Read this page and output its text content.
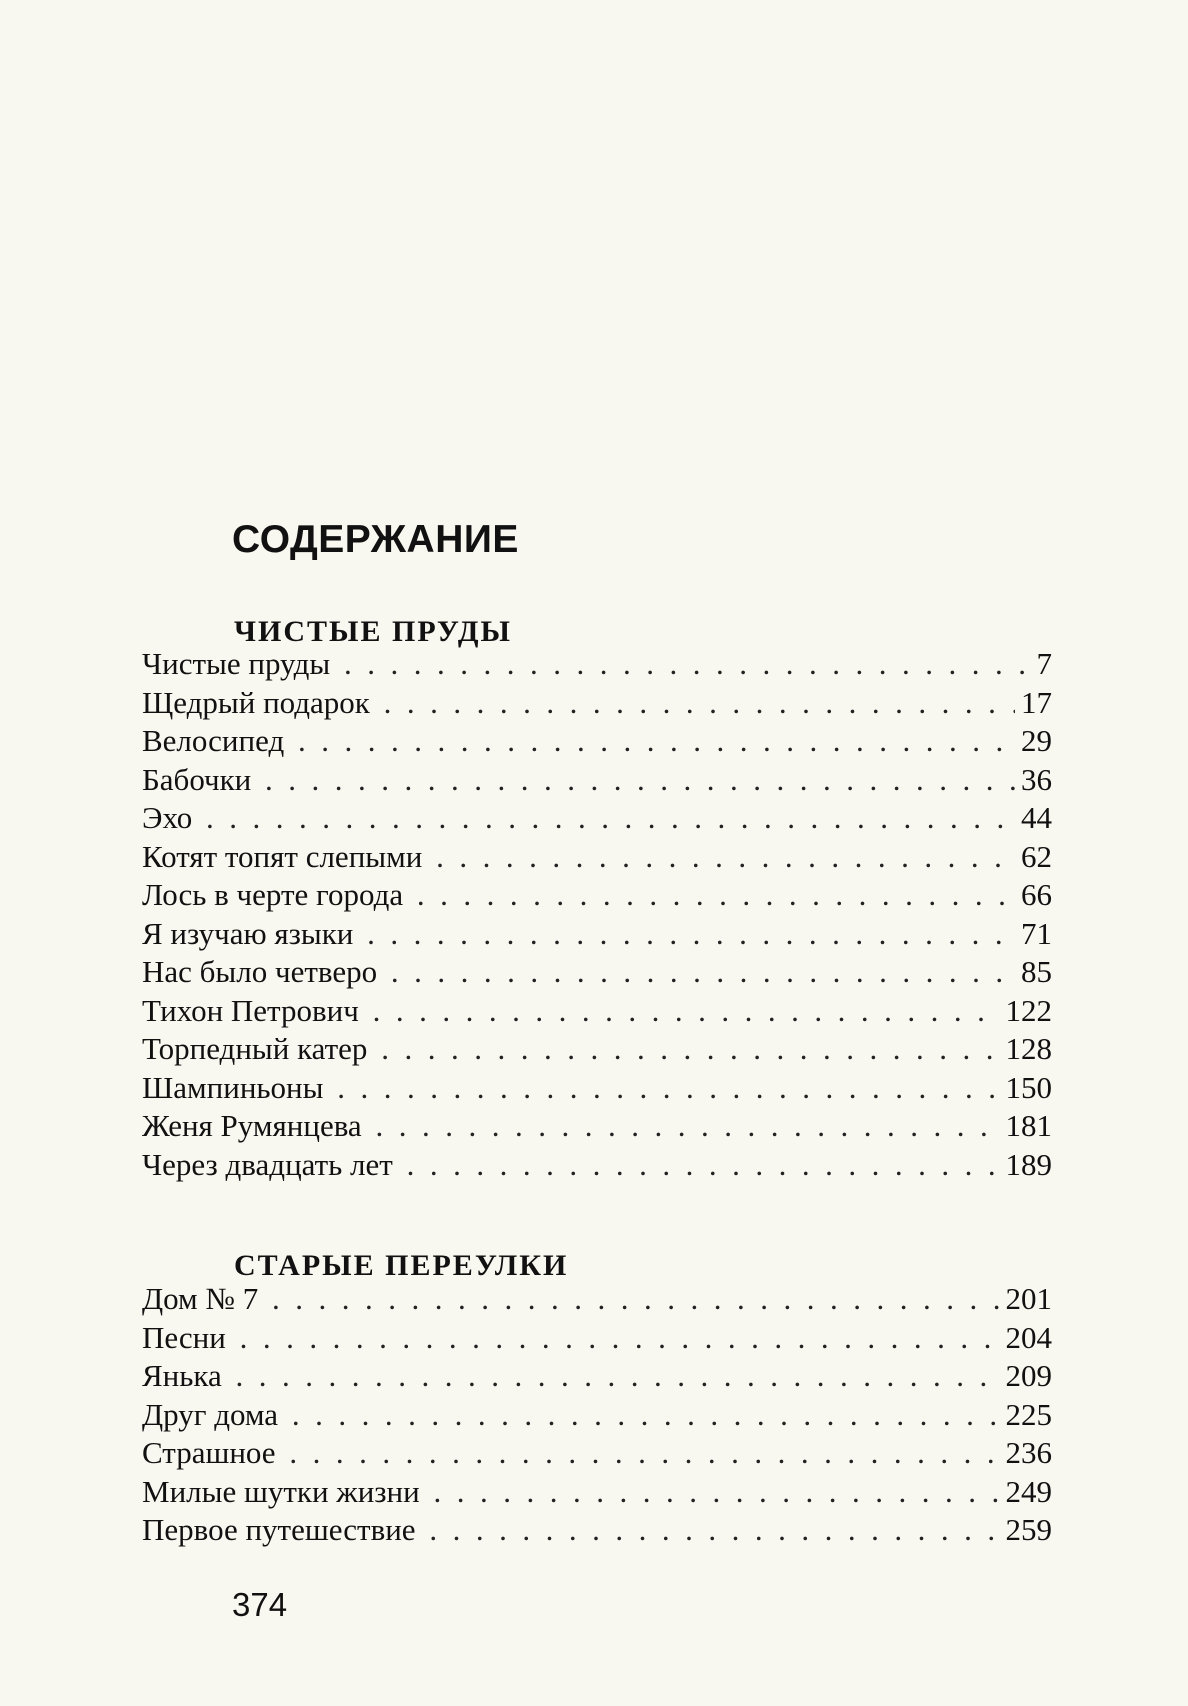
СОДЕРЖАНИЕ
ЧИСТЫЕ ПРУДЫ
Чистые пруды . .	7
Щедрый подарок . .	17
Велосипед . .	29
Бабочки . .	36
Эхо . .	44
Котят топят слепыми . .	62
Лось в черте города . .	66
Я изучаю языки . .	71
Нас было четверо . .	85
Тихон Петрович . .	122
Торпедный катер . .	128
Шампиньоны . .	150
Женя Румянцева . .	181
Через двадцать лет . .	189
СТАРЫЕ ПЕРЕУЛКИ
Дом № 7 . .	201
Песни . .	204
Янька . .	209
Друг дома . .	225
Страшное . .	236
Милые шутки жизни . .	249
Первое путешествие . .	259
374
